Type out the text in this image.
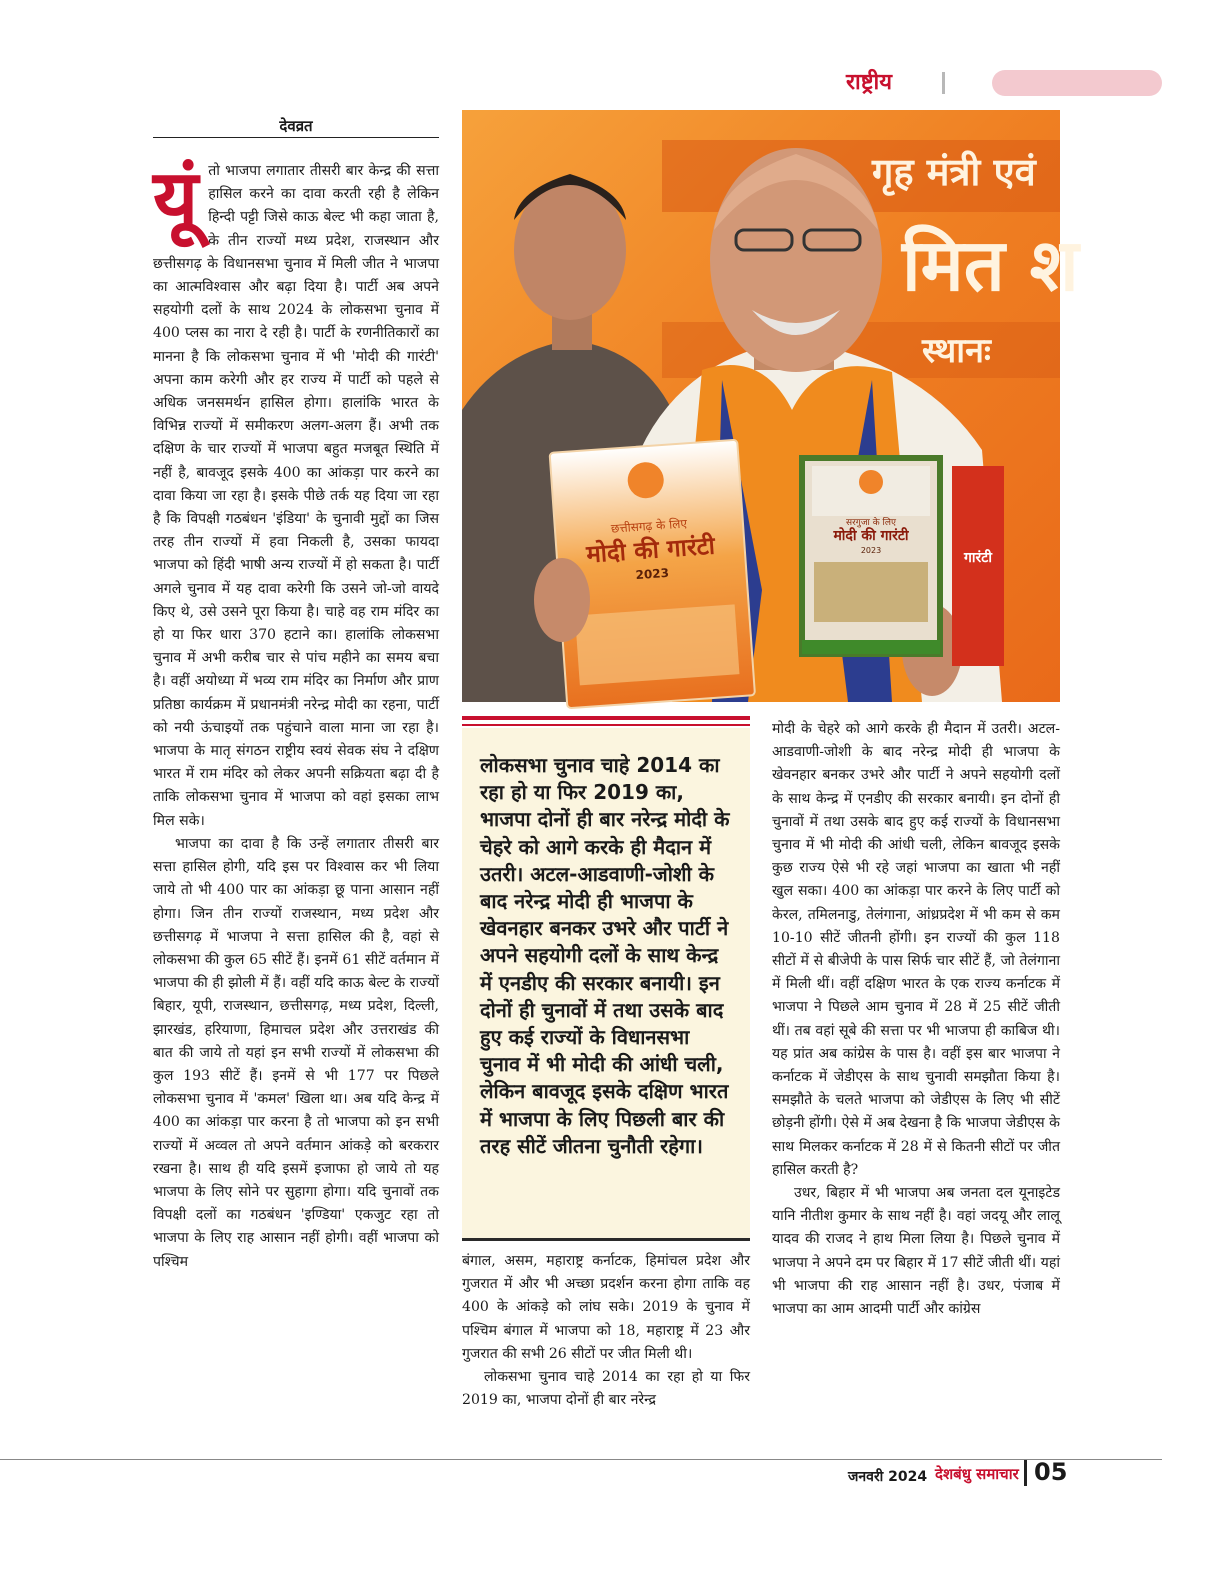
राष्ट्रीय
देवव्रत
यूं तो भाजपा लगातार तीसरी बार केन्द्र की सत्ता हासिल करने का दावा करती रही है लेकिन हिन्दी पट्टी जिसे काऊ बेल्ट भी कहा जाता है, के तीन राज्यों मध्य प्रदेश, राजस्थान और छत्तीसगढ़ के विधानसभा चुनाव में मिली जीत ने भाजपा का आत्मविश्वास और बढ़ा दिया है। पार्टी अब अपने सहयोगी दलों के साथ 2024 के लोकसभा चुनाव में 400 प्लस का नारा दे रही है। पार्टी के रणनीतिकारों का मानना है कि लोकसभा चुनाव में भी 'मोदी की गारंटी' अपना काम करेगी और हर राज्य में पार्टी को पहले से अधिक जनसमर्थन हासिल होगा। हालांकि भारत के विभिन्न राज्यों में समीकरण अलग-अलग हैं। अभी तक दक्षिण के चार राज्यों में भाजपा बहुत मजबूत स्थिति में नहीं है, बावजूद इसके 400 का आंकड़ा पार करने का दावा किया जा रहा है। इसके पीछे तर्क यह दिया जा रहा है कि विपक्षी गठबंधन 'इंडिया' के चुनावी मुद्दों का जिस तरह तीन राज्यों में हवा निकली है, उसका फायदा भाजपा को हिंदी भाषी अन्य राज्यों में हो सकता है। पार्टी अगले चुनाव में यह दावा करेगी कि उसने जो-जो वायदे किए थे, उसे उसने पूरा किया है। चाहे वह राम मंदिर का हो या फिर धारा 370 हटाने का। हालांकि लोकसभा चुनाव में अभी करीब चार से पांच महीने का समय बचा है। वहीं अयोध्या में भव्य राम मंदिर का निर्माण और प्राण प्रतिष्ठा कार्यक्रम में प्रधानमंत्री नरेन्द्र मोदी का रहना, पार्टी को नयी ऊंचाइयों तक पहुंचाने वाला माना जा रहा है। भाजपा के मातृ संगठन राष्ट्रीय स्वयं सेवक संघ ने दक्षिण भारत में राम मंदिर को लेकर अपनी सक्रियता बढ़ा दी है ताकि लोकसभा चुनाव में भाजपा को वहां इसका लाभ मिल सके।

भाजपा का दावा है कि उन्हें लगातार तीसरी बार सत्ता हासिल होगी, यदि इस पर विश्वास कर भी लिया जाये तो भी 400 पार का आंकड़ा छू पाना आसान नहीं होगा। जिन तीन राज्यों राजस्थान, मध्य प्रदेश और छत्तीसगढ़ में भाजपा ने सत्ता हासिल की है, वहां से लोकसभा की कुल 65 सीटें हैं। इनमें 61 सीटें वर्तमान में भाजपा की ही झोली में हैं। वहीं यदि काऊ बेल्ट के राज्यों बिहार, यूपी, राजस्थान, छत्तीसगढ़, मध्य प्रदेश, दिल्ली, झारखंड, हरियाणा, हिमाचल प्रदेश और उत्तराखंड की बात की जाये तो यहां इन सभी राज्यों में लोकसभा की कुल 193 सीटें हैं। इनमें से भी 177 पर पिछले लोकसभा चुनाव में 'कमल' खिला था। अब यदि केन्द्र में 400 का आंकड़ा पार करना है तो भाजपा को इन सभी राज्यों में अव्वल तो अपने वर्तमान आंकड़े को बरकरार रखना है। साथ ही यदि इसमें इजाफा हो जाये तो यह भाजपा के लिए सोने पर सुहागा होगा। यदि चुनावों तक विपक्षी दलों का गठबंधन 'इण्डिया' एकजुट रहा तो भाजपा के लिए राह आसान नहीं होगी। वहीं भाजपा को पश्चिम

गृह मंत्री एवं
मित श
स्थानः
छत्तीसगढ़ के लिए
मोदी की गारंटी
2023
गारंटी
सरगुजा के लिए
मोदी की गारंटी
2023

लोकसभा चुनाव चाहे 2014 का रहा हो या फिर 2019 का, भाजपा दोनों ही बार नरेन्द्र मोदी के चेहरे को आगे करके ही मैदान में उतरी। अटल-आडवाणी-जोशी के बाद नरेन्द्र मोदी ही भाजपा के खेवनहार बनकर उभरे और पार्टी ने अपने सहयोगी दलों के साथ केन्द्र में एनडीए की सरकार बनायी। इन दोनों ही चुनावों में तथा उसके बाद हुए कई राज्यों के विधानसभा चुनाव में भी मोदी की आंधी चली, लेकिन बावजूद इसके दक्षिण भारत में भाजपा के लिए पिछली बार की तरह सीटें जीतना चुनौती रहेगा।

बंगाल, असम, महाराष्ट्र कर्नाटक, हिमांचल प्रदेश और गुजरात में और भी अच्छा प्रदर्शन करना होगा ताकि वह 400 के आंकड़े को लांघ सके। 2019 के चुनाव में पश्चिम बंगाल में भाजपा को 18, महाराष्ट्र में 23 और गुजरात की सभी 26 सीटों पर जीत मिली थी।

लोकसभा चुनाव चाहे 2014 का रहा हो या फिर 2019 का, भाजपा दोनों ही बार नरेन्द्र

मोदी के चेहरे को आगे करके ही मैदान में उतरी। अटल-आडवाणी-जोशी के बाद नरेन्द्र मोदी ही भाजपा के खेवनहार बनकर उभरे और पार्टी ने अपने सहयोगी दलों के साथ केन्द्र में एनडीए की सरकार बनायी। इन दोनों ही चुनावों में तथा उसके बाद हुए कई राज्यों के विधानसभा चुनाव में भी मोदी की आंधी चली, लेकिन बावजूद इसके कुछ राज्य ऐसे भी रहे जहां भाजपा का खाता भी नहीं खुल सका। 400 का आंकड़ा पार करने के लिए पार्टी को केरल, तमिलनाडु, तेलंगाना, आंध्रप्रदेश में भी कम से कम 10-10 सीटें जीतनी होंगी। इन राज्यों की कुल 118 सीटों में से बीजेपी के पास सिर्फ चार सीटें हैं, जो तेलंगाना में मिली थीं। वहीं दक्षिण भारत के एक राज्य कर्नाटक में भाजपा ने पिछले आम चुनाव में 28 में 25 सीटें जीती थीं। तब वहां सूबे की सत्ता पर भी भाजपा ही काबिज थी। यह प्रांत अब कांग्रेस के पास है। वहीं इस बार भाजपा ने कर्नाटक में जेडीएस के साथ चुनावी समझौता किया है। समझौते के चलते भाजपा को जेडीएस के लिए भी सीटें छोड़नी होंगी। ऐसे में अब देखना है कि भाजपा जेडीएस के साथ मिलकर कर्नाटक में 28 में से कितनी सीटों पर जीत हासिल करती है?

उधर, बिहार में भी भाजपा अब जनता दल यूनाइटेड यानि नीतीश कुमार के साथ नहीं है। वहां जदयू और लालू यादव की राजद ने हाथ मिला लिया है। पिछले चुनाव में भाजपा ने अपने दम पर बिहार में 17 सीटें जीती थीं। यहां भी भाजपा की राह आसान नहीं है। उधर, पंजाब में भाजपा का आम आदमी पार्टी और कांग्रेस

जनवरी 2024 देशबंधु समाचार 05
